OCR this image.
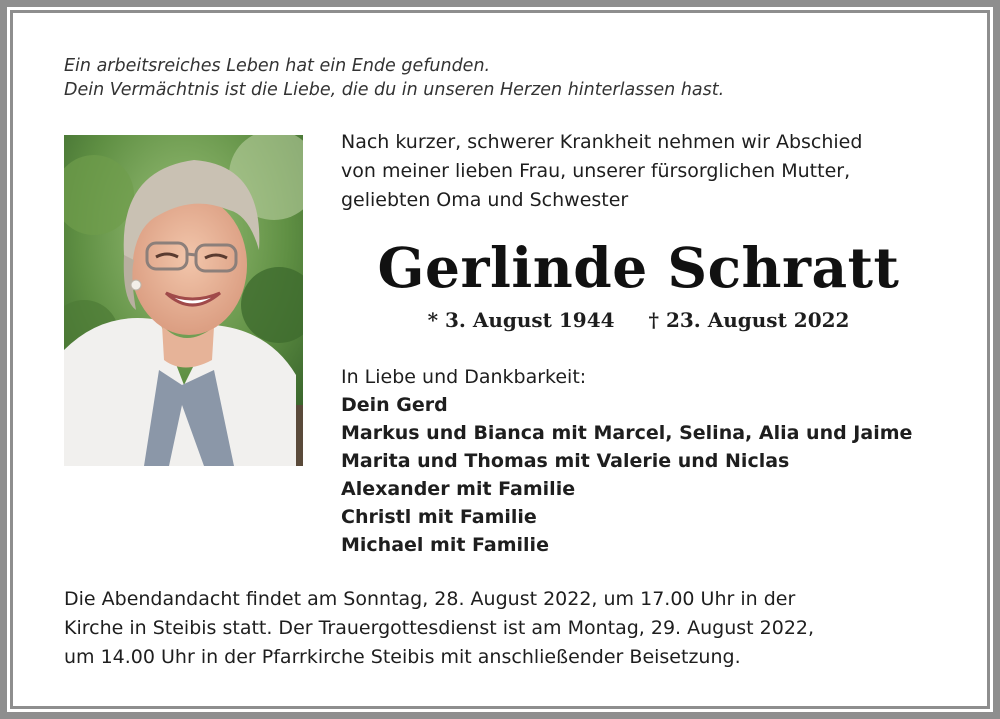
Ein arbeitsreiches Leben hat ein Ende gefunden.
Dein Vermächtnis ist die Liebe, die du in unseren Herzen hinterlassen hast.
Nach kurzer, schwerer Krankheit nehmen wir Abschied
von meiner lieben Frau, unserer fürsorglichen Mutter,
geliebten Oma und Schwester
Gerlinde Schratt
* 3. August 1944 † 23. August 2022
In Liebe und Dankbarkeit:
Dein Gerd
Markus und Bianca mit Marcel, Selina, Alia und Jaime
Marita und Thomas mit Valerie und Niclas
Alexander mit Familie
Christl mit Familie
Michael mit Familie
Die Abendandacht findet am Sonntag, 28. August 2022, um 17.00 Uhr in der
Kirche in Steibis statt. Der Trauergottesdienst ist am Montag, 29. August 2022,
um 14.00 Uhr in der Pfarrkirche Steibis mit anschließender Beisetzung.
